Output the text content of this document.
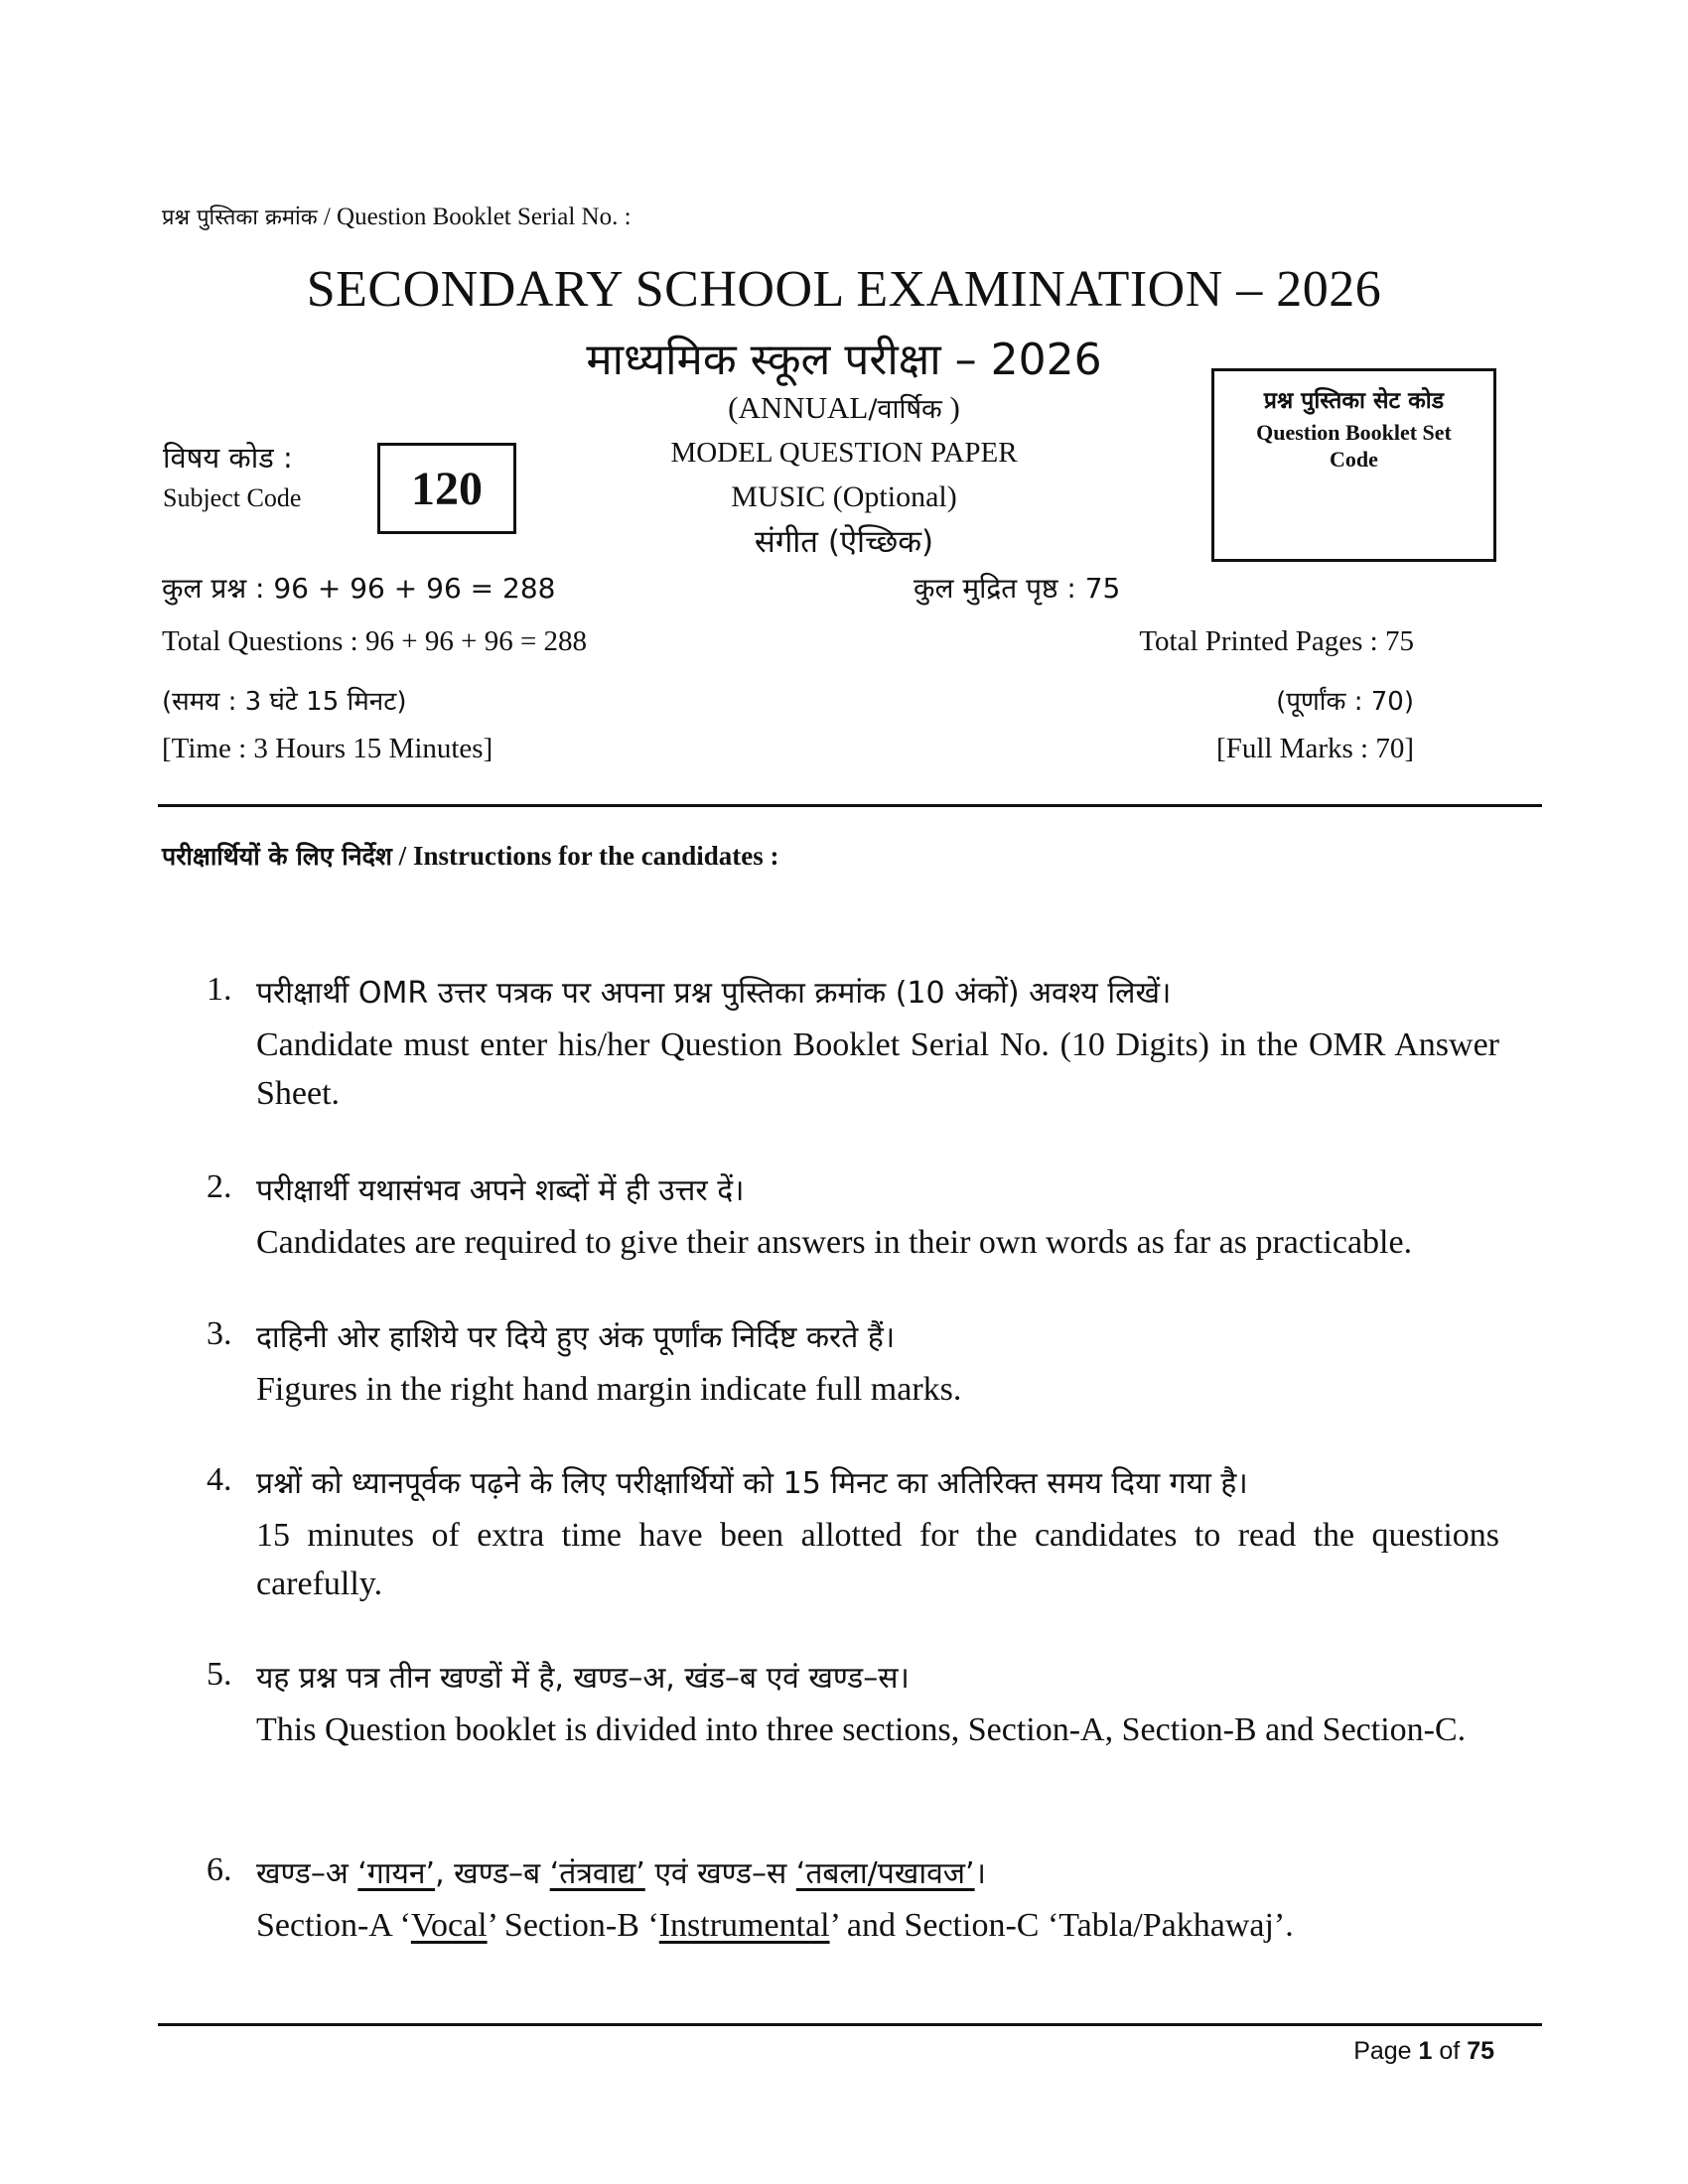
प्रश्न पुस्तिका क्रमांक / Question Booklet Serial No. :
SECONDARY SCHOOL EXAMINATION – 2026
माध्यमिक स्कूल परीक्षा – 2026
(ANNUAL/वार्षिक )
MODEL QUESTION PAPER
MUSIC (Optional)
संगीत (ऐच्छिक)
विषय कोड :
Subject Code 120
प्रश्न पुस्तिका सेट कोड
Question Booklet Set Code
कुल प्रश्न : 96 + 96 + 96 = 288
Total Questions : 96 + 96 + 96 = 288
कुल मुद्रित पृष्ठ : 75
Total Printed Pages : 75
(समय : 3 घंटे 15 मिनट)
[Time : 3 Hours 15 Minutes]
(पूर्णांक : 70)
[Full Marks : 70]
परीक्षार्थियों के लिए निर्देश / Instructions for the candidates :
1. परीक्षार्थी OMR उत्तर पत्रक पर अपना प्रश्न पुस्तिका क्रमांक (10 अंकों) अवश्य लिखें।
Candidate must enter his/her Question Booklet Serial No. (10 Digits) in the OMR Answer Sheet.
2. परीक्षार्थी यथासंभव अपने शब्दों में ही उत्तर दें।
Candidates are required to give their answers in their own words as far as practicable.
3. दाहिनी ओर हाशिये पर दिये हुए अंक पूर्णांक निर्दिष्ट करते हैं।
Figures in the right hand margin indicate full marks.
4. प्रश्नों को ध्यानपूर्वक पढ़ने के लिए परीक्षार्थियों को 15 मिनट का अतिरिक्त समय दिया गया है।
15 minutes of extra time have been allotted for the candidates to read the questions carefully.
5. यह प्रश्न पत्र तीन खण्डों में है, खण्ड–अ, खंड–ब एवं खण्ड–स।
This Question booklet is divided into three sections, Section-A, Section-B and Section-C.
6. खण्ड–अ ‘गायन’, खण्ड–ब ‘तंत्रवाद्य’ एवं खण्ड–स ‘तबला/पखावज’।
Section-A ‘Vocal’ Section-B ‘Instrumental’ and Section-C ‘Tabla/Pakhawaj’.
Page 1 of 75
